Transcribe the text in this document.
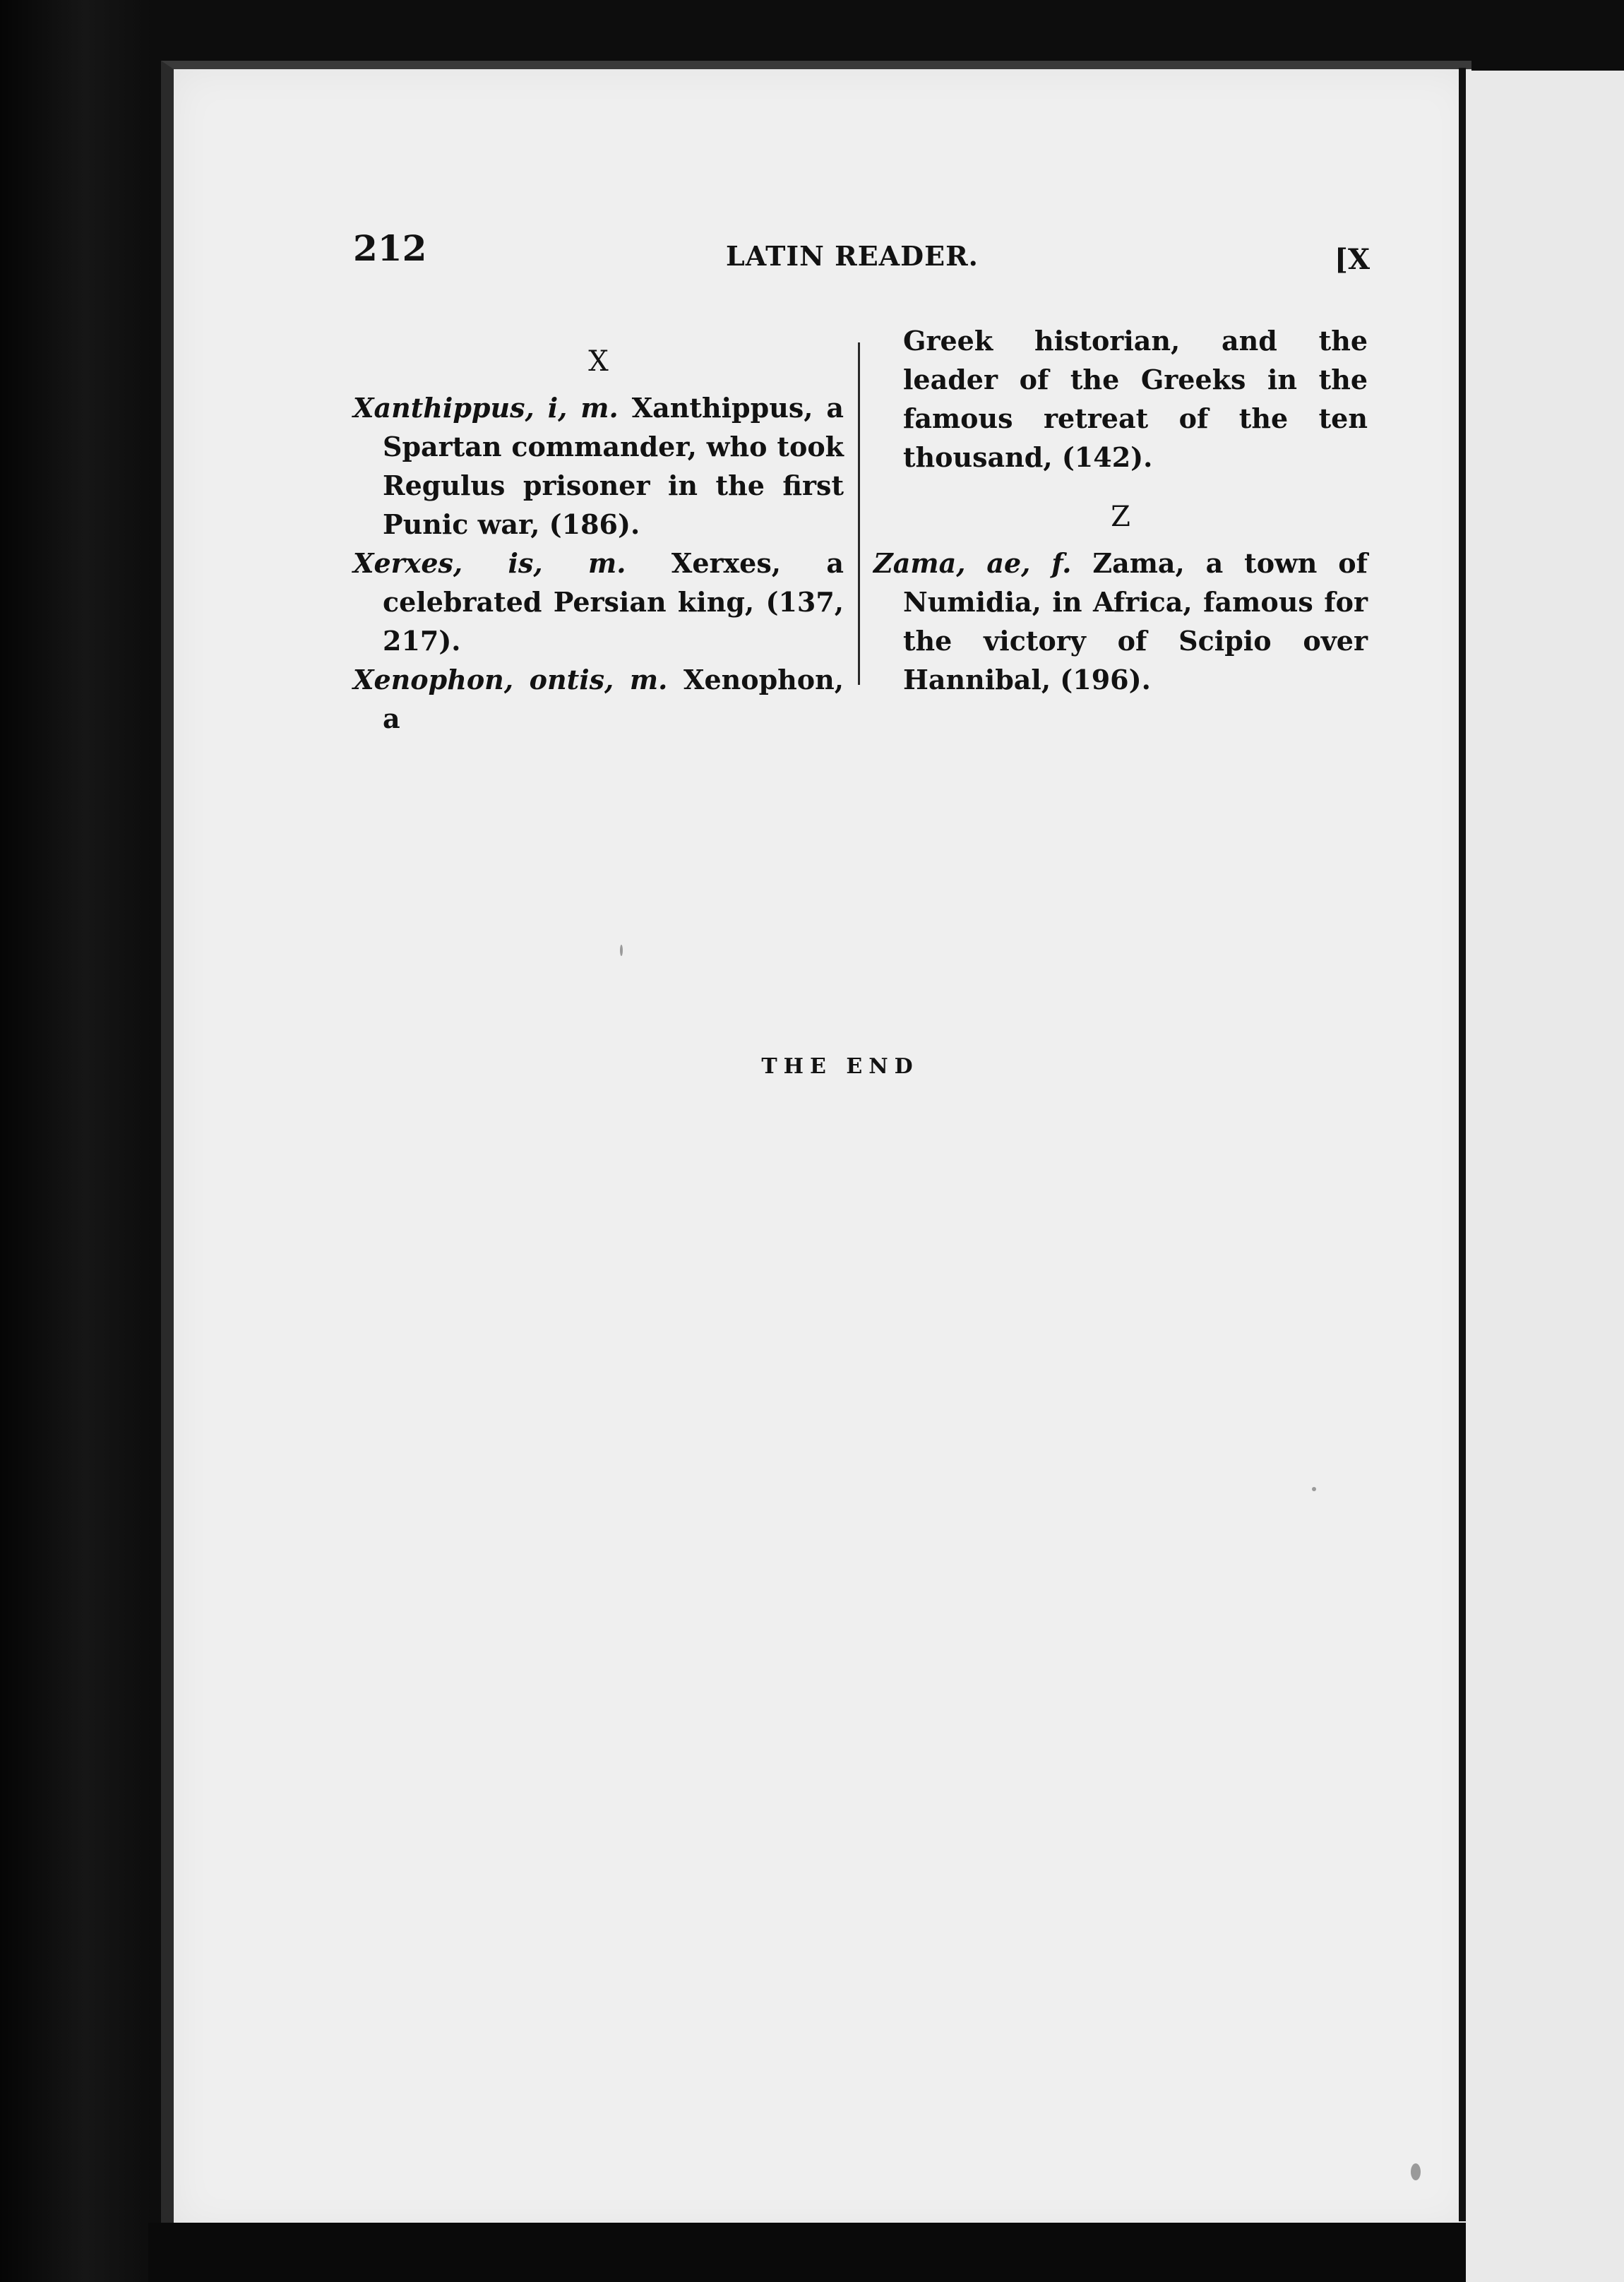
212	LATIN READER.	[X
X
Xanthippus, i, m. Xanthippus, a Spartan commander, who took Regulus prisoner in the first Punic war, (186).
Xerxes, is, m. Xerxes, a celebrated Persian king, (137, 217).
Xenophon, ontis, m. Xenophon, a
Greek historian, and the leader of the Greeks in the famous retreat of the ten thousand, (142).
Z
Zama, ae, f. Zama, a town of Numidia, in Africa, famous for the victory of Scipio over Hannibal, (196).
THE END
